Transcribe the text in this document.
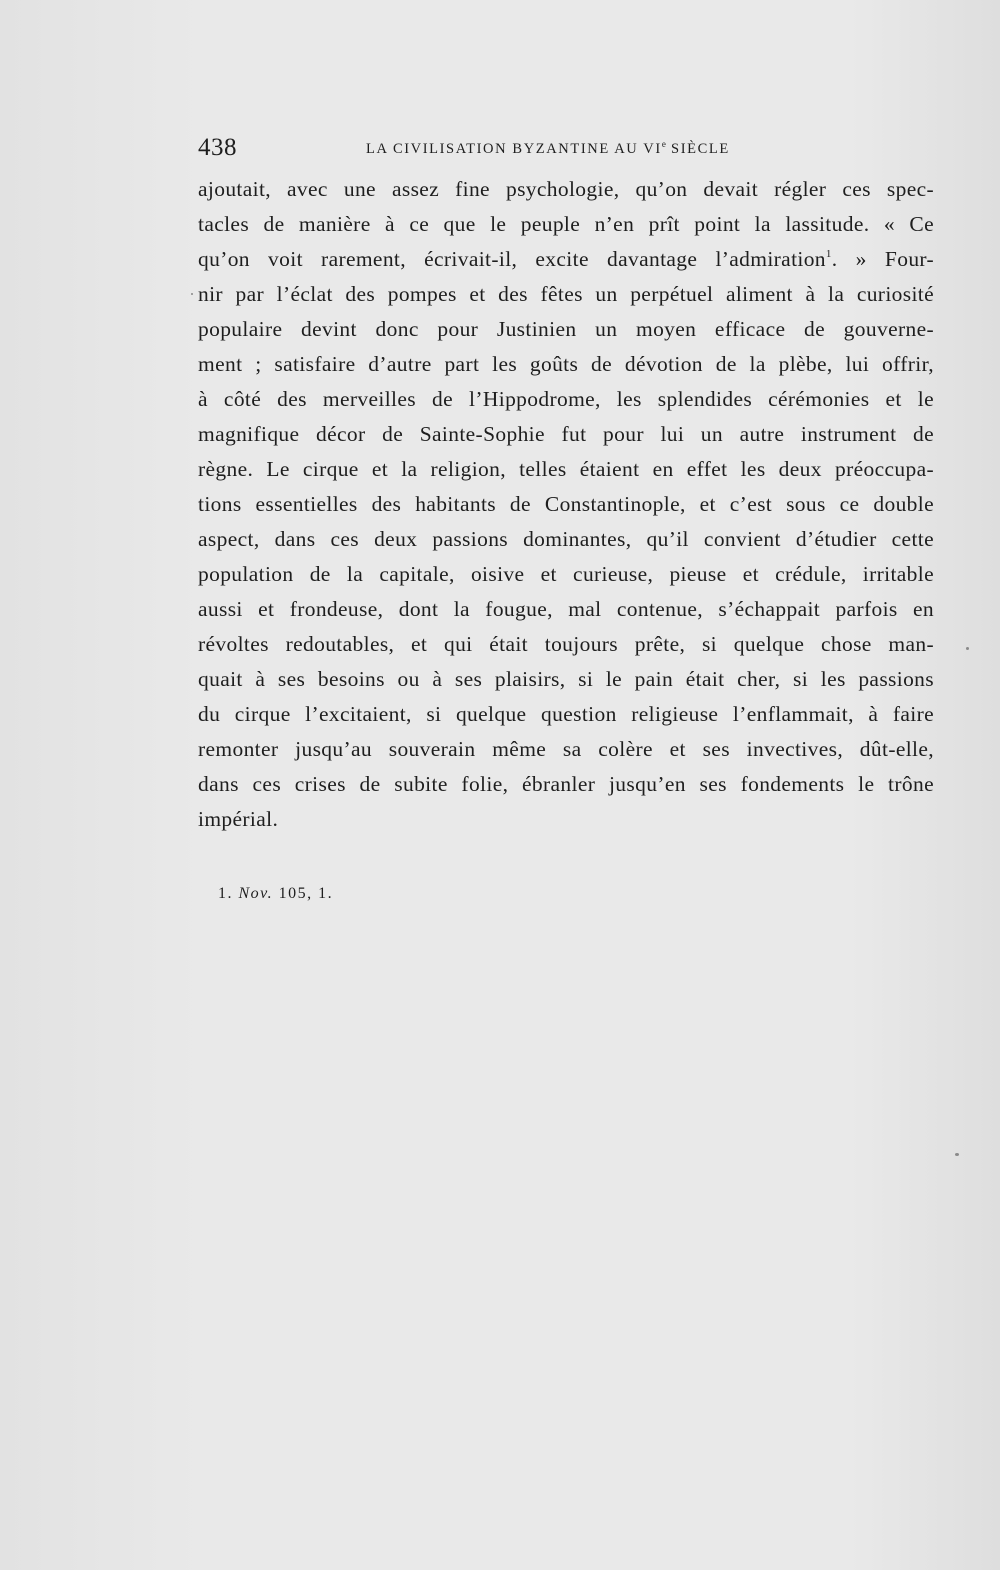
438	LA CIVILISATION BYZANTINE AU VIe SIÈCLE
ajoutait, avec une assez fine psychologie, qu’on devait régler ces spec-
tacles de manière à ce que le peuple n’en prît point la lassitude. « Ce
qu’on voit rarement, écrivait-il, excite davantage l’admiration$^1$. » Four-
nir par l’éclat des pompes et des fêtes un perpétuel aliment à la curiosité
populaire devint donc pour Justinien un moyen efficace de gouverne-
ment ; satisfaire d’autre part les goûts de dévotion de la plèbe, lui offrir,
à côté des merveilles de l’Hippodrome, les splendides cérémonies et le
magnifique décor de Sainte-Sophie fut pour lui un autre instrument de
règne. Le cirque et la religion, telles étaient en effet les deux préoccupa-
tions essentielles des habitants de Constantinople, et c’est sous ce double
aspect, dans ces deux passions dominantes, qu’il convient d’étudier cette
population de la capitale, oisive et curieuse, pieuse et crédule, irritable
aussi et frondeuse, dont la fougue, mal contenue, s’échappait parfois en
révoltes redoutables, et qui était toujours prête, si quelque chose man-
quait à ses besoins ou à ses plaisirs, si le pain était cher, si les passions
du cirque l’excitaient, si quelque question religieuse l’enflammait, à faire
remonter jusqu’au souverain même sa colère et ses invectives, dût-elle,
dans ces crises de subite folie, ébranler jusqu’en ses fondements le trône
impérial.
1. Nov. 105, 1.
